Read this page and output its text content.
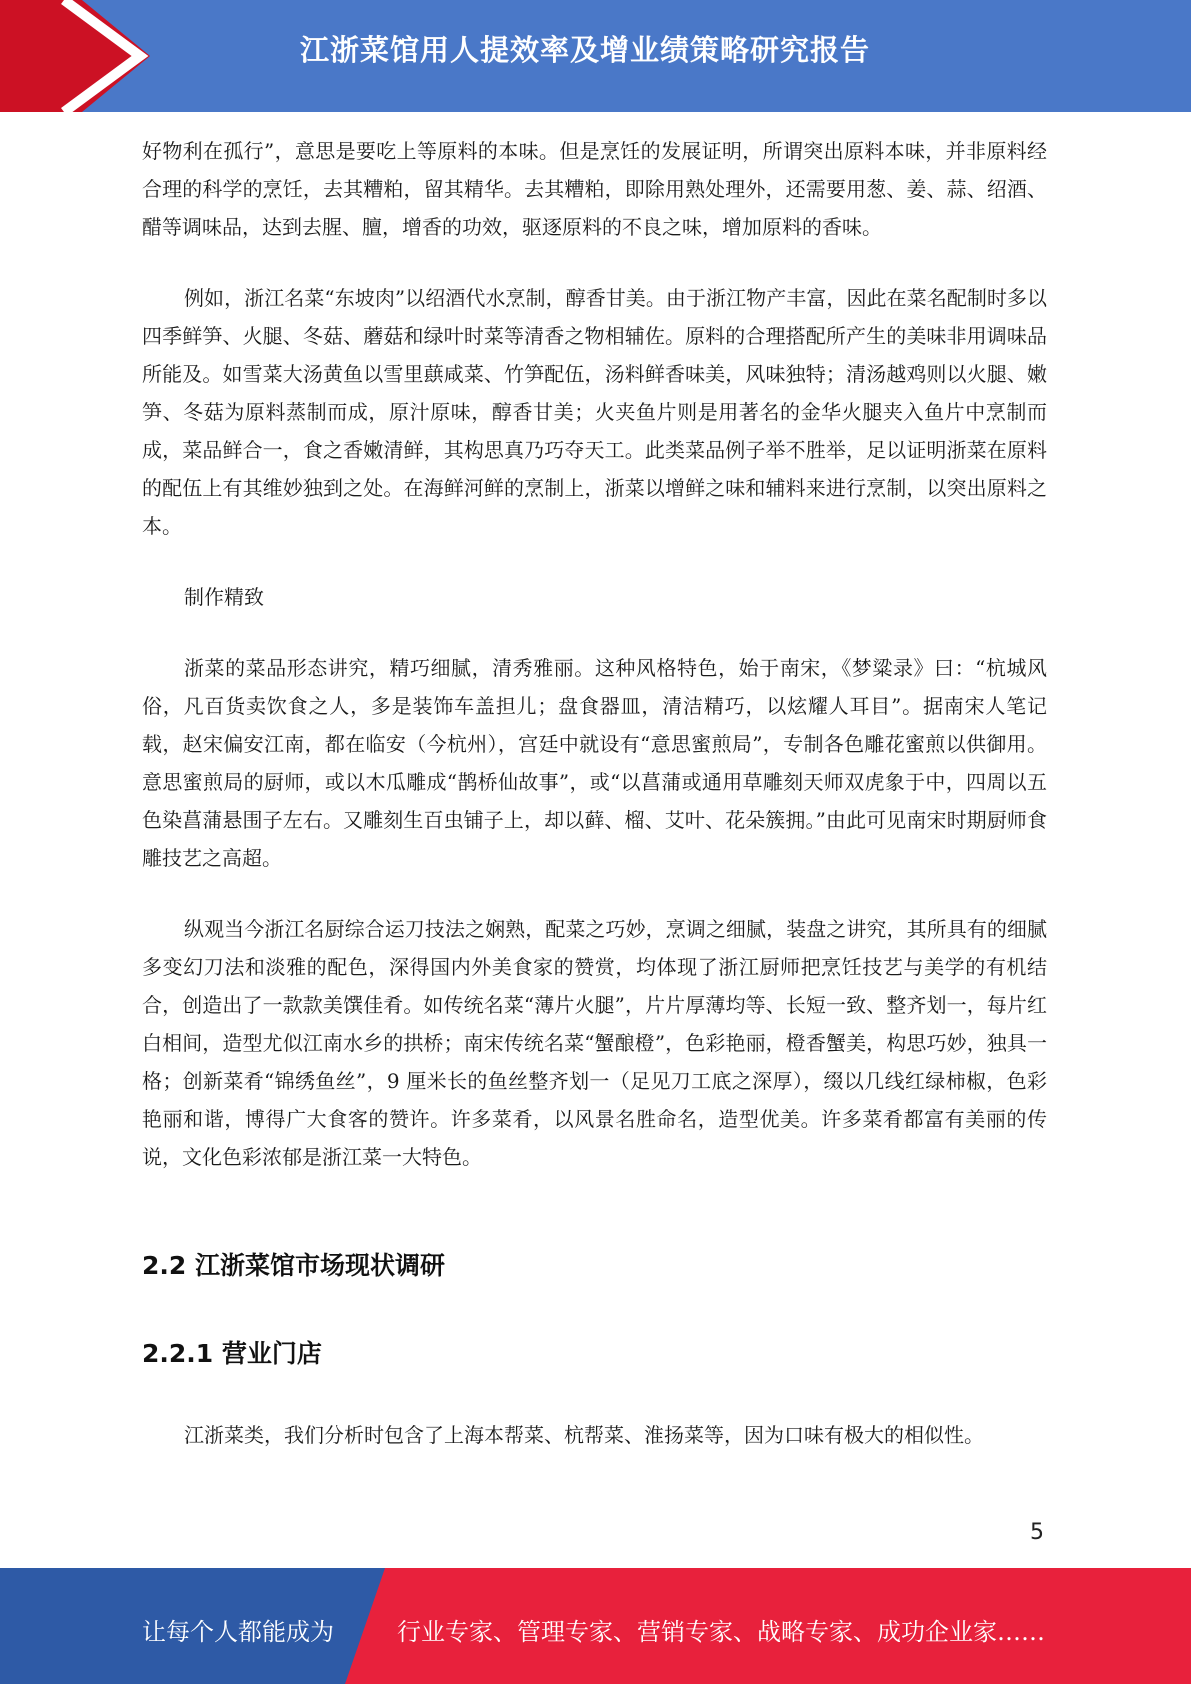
江浙菜馆用人提效率及增业绩策略研究报告

好物利在孤行”，意思是要吃上等原料的本味。但是烹饪的发展证明，所谓突出原料本味，并非原料经合理的科学的烹饪，去其糟粕，留其精华。去其糟粕，即除用熟处理外，还需要用葱、姜、蒜、绍酒、醋等调味品，达到去腥、膻，增香的功效，驱逐原料的不良之味，增加原料的香味。

例如，浙江名菜“东坡肉”以绍酒代水烹制，醇香甘美。由于浙江物产丰富，因此在菜名配制时多以四季鲜笋、火腿、冬菇、蘑菇和绿叶时菜等清香之物相辅佐。原料的合理搭配所产生的美味非用调味品所能及。如雪菜大汤黄鱼以雪里蕻咸菜、竹笋配伍，汤料鲜香味美，风味独特；清汤越鸡则以火腿、嫩笋、冬菇为原料蒸制而成，原汁原味，醇香甘美；火夹鱼片则是用著名的金华火腿夹入鱼片中烹制而成，菜品鲜合一，食之香嫩清鲜，其构思真乃巧夺天工。此类菜品例子举不胜举，足以证明浙菜在原料的配伍上有其维妙独到之处。在海鲜河鲜的烹制上，浙菜以增鲜之味和辅料来进行烹制，以突出原料之本。

制作精致

浙菜的菜品形态讲究，精巧细腻，清秀雅丽。这种风格特色，始于南宋，《梦粱录》曰：“杭城风俗，凡百货卖饮食之人，多是装饰车盖担儿；盘食器皿，清洁精巧，以炫耀人耳目”。据南宋人笔记载，赵宋偏安江南，都在临安（今杭州），宫廷中就设有“意思蜜煎局”，专制各色雕花蜜煎以供御用。意思蜜煎局的厨师，或以木瓜雕成“鹊桥仙故事”，或“以菖蒲或通用草雕刻天师双虎象于中，四周以五色染菖蒲悬围子左右。又雕刻生百虫铺子上，却以藓、榴、艾叶、花朵簇拥。”由此可见南宋时期厨师食雕技艺之高超。

纵观当今浙江名厨综合运刀技法之娴熟，配菜之巧妙，烹调之细腻，装盘之讲究，其所具有的细腻多变幻刀法和淡雅的配色，深得国内外美食家的赞赏，均体现了浙江厨师把烹饪技艺与美学的有机结合，创造出了一款款美馔佳肴。如传统名菜“薄片火腿”，片片厚薄均等、长短一致、整齐划一，每片红白相间，造型尤似江南水乡的拱桥；南宋传统名菜“蟹酿橙”，色彩艳丽，橙香蟹美，构思巧妙，独具一格；创新菜肴“锦绣鱼丝”，9 厘米长的鱼丝整齐划一（足见刀工底之深厚），缀以几线红绿柿椒，色彩艳丽和谐，博得广大食客的赞许。许多菜肴，以风景名胜命名，造型优美。许多菜肴都富有美丽的传说，文化色彩浓郁是浙江菜一大特色。

2.2 江浙菜馆市场现状调研
2.2.1 营业门店

江浙菜类，我们分析时包含了上海本帮菜、杭帮菜、淮扬菜等，因为口味有极大的相似性。

5
让每个人都能成为	行业专家、管理专家、营销专家、战略专家、成功企业家……
